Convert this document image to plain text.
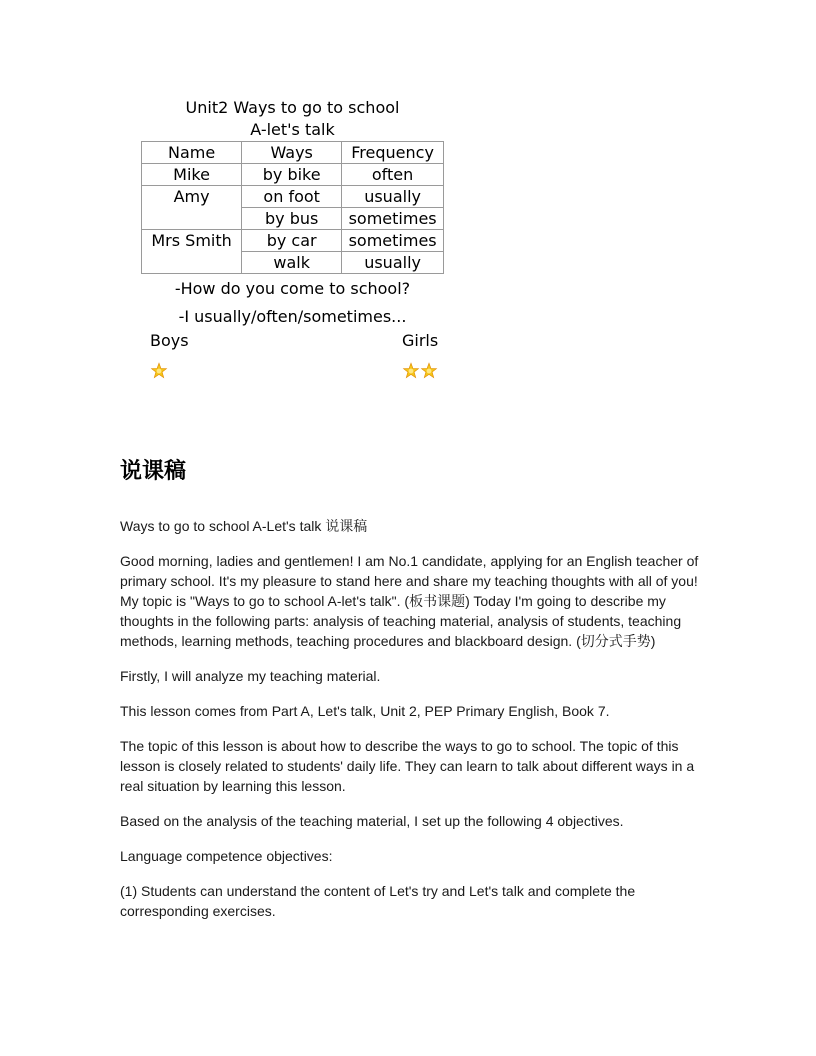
Unit2 Ways to go to school
A-let's talk
Name	Ways	Frequency
Mike	by bike	often
Amy	on foot	usually
	by bus	sometimes
Mrs Smith	by car	sometimes
	walk	usually
-How do you come to school?
-I usually/often/sometimes...
Boys	Girls
说课稿

Ways to go to school A-Let's talk 说课稿

Good morning, ladies and gentlemen! I am No.1 candidate, applying for an English teacher of primary school. It's my pleasure to stand here and share my teaching thoughts with all of you! My topic is "Ways to go to school A-let's talk". (板书课题) Today I'm going to describe my thoughts in the following parts: analysis of teaching material, analysis of students, teaching methods, learning methods, teaching procedures and blackboard design. (切分式手势)

Firstly, I will analyze my teaching material.

This lesson comes from Part A, Let's talk, Unit 2, PEP Primary English, Book 7.

The topic of this lesson is about how to describe the ways to go to school. The topic of this lesson is closely related to students' daily life. They can learn to talk about different ways in a real situation by learning this lesson.

Based on the analysis of the teaching material, I set up the following 4 objectives.

Language competence objectives:

(1) Students can understand the content of Let's try and Let's talk and complete the corresponding exercises.
